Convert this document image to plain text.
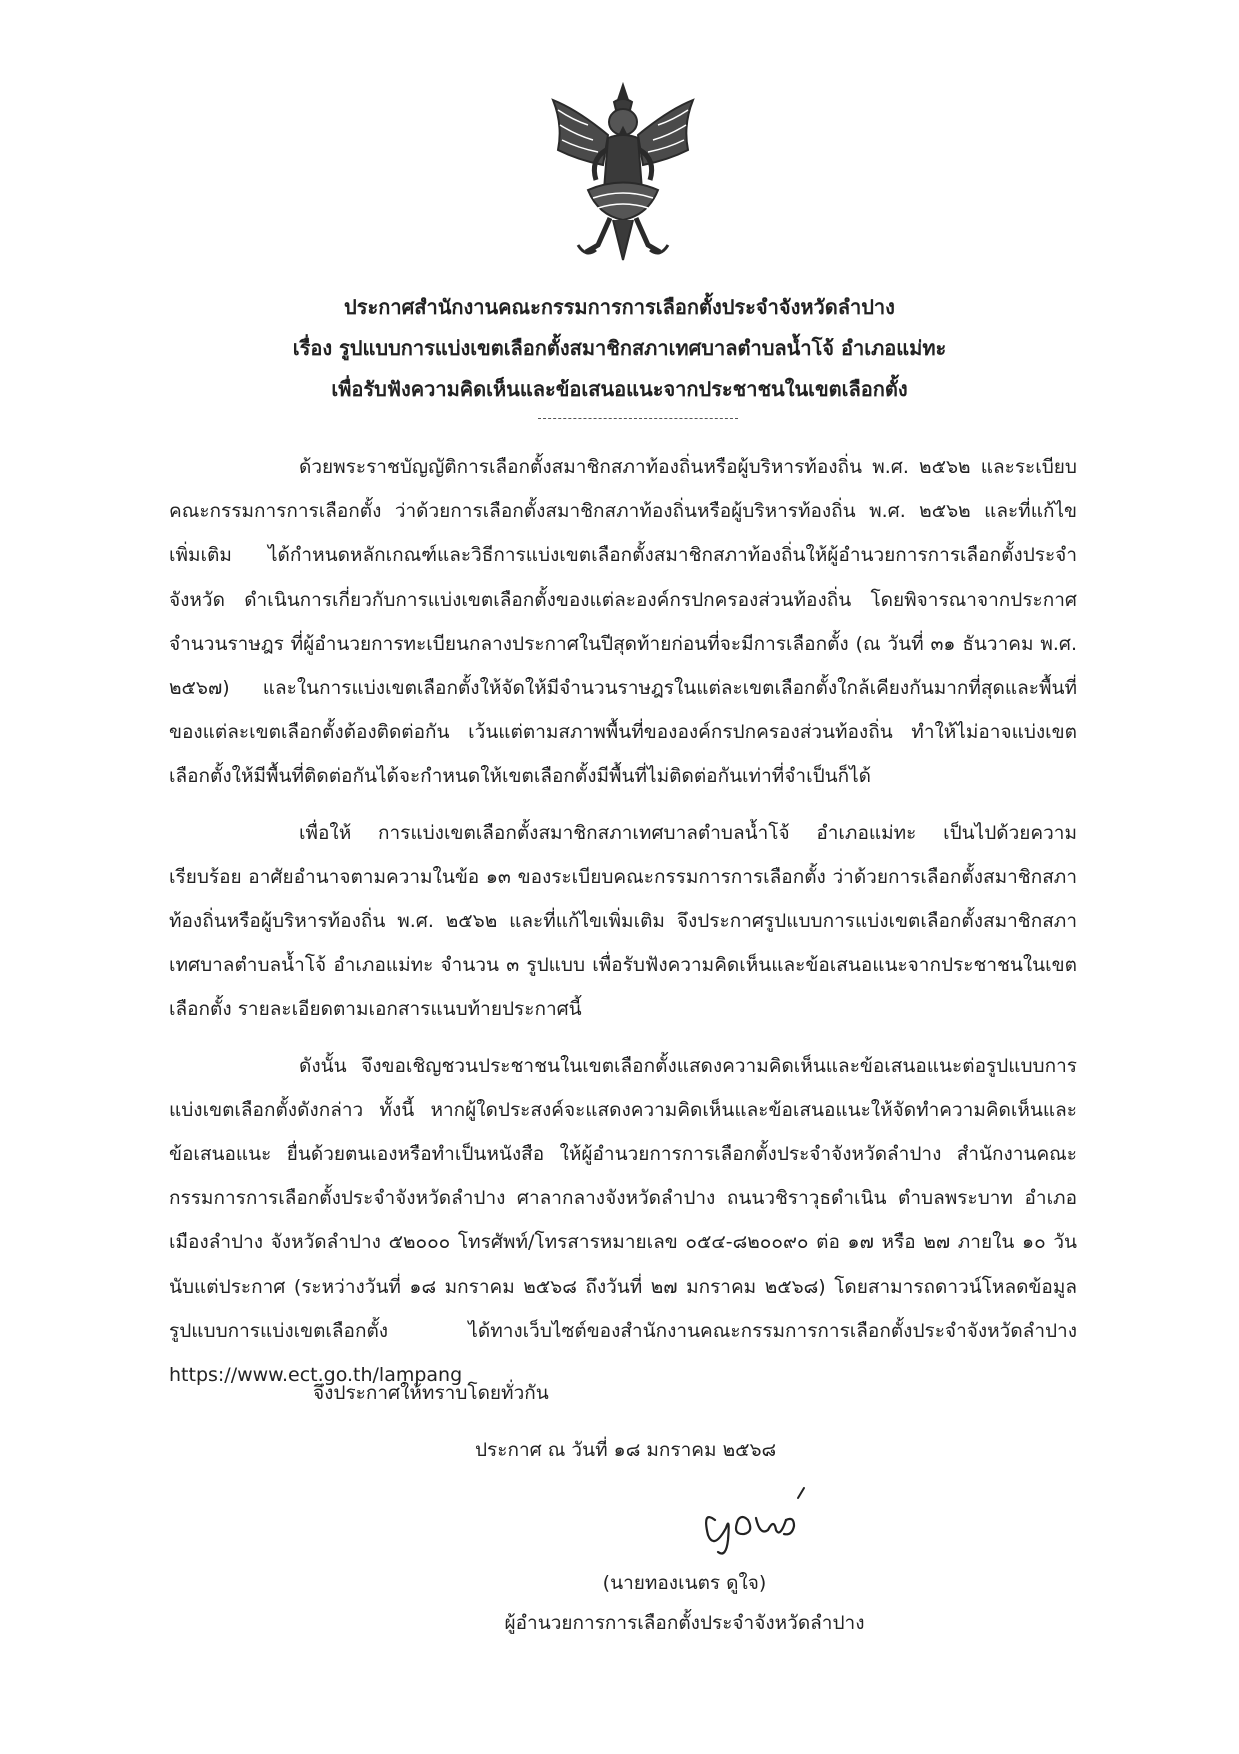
ประกาศสำนักงานคณะกรรมการการเลือกตั้งประจำจังหวัดลำปาง
เรื่อง รูปแบบการแบ่งเขตเลือกตั้งสมาชิกสภาเทศบาลตำบลน้ำโจ้ อำเภอแม่ทะ
เพื่อรับฟังความคิดเห็นและข้อเสนอแนะจากประชาชนในเขตเลือกตั้ง

ด้วยพระราชบัญญัติการเลือกตั้งสมาชิกสภาท้องถิ่นหรือผู้บริหารท้องถิ่น พ.ศ. ๒๕๖๒ และระเบียบคณะกรรมการการเลือกตั้ง ว่าด้วยการเลือกตั้งสมาชิกสภาท้องถิ่นหรือผู้บริหารท้องถิ่น พ.ศ. ๒๕๖๒ และที่แก้ไขเพิ่มเติม ได้กำหนดหลักเกณฑ์และวิธีการแบ่งเขตเลือกตั้งสมาชิกสภาท้องถิ่นให้ผู้อำนวยการการเลือกตั้งประจำจังหวัด ดำเนินการเกี่ยวกับการแบ่งเขตเลือกตั้งของแต่ละองค์กรปกครองส่วนท้องถิ่น โดยพิจารณาจากประกาศจำนวนราษฎร ที่ผู้อำนวยการทะเบียนกลางประกาศในปีสุดท้ายก่อนที่จะมีการเลือกตั้ง (ณ วันที่ ๓๑ ธันวาคม พ.ศ. ๒๕๖๗) และในการแบ่งเขตเลือกตั้งให้จัดให้มีจำนวนราษฎรในแต่ละเขตเลือกตั้งใกล้เคียงกันมากที่สุดและพื้นที่ของแต่ละเขตเลือกตั้งต้องติดต่อกัน เว้นแต่ตามสภาพพื้นที่ขององค์กรปกครองส่วนท้องถิ่น ทำให้ไม่อาจแบ่งเขตเลือกตั้งให้มีพื้นที่ติดต่อกันได้จะกำหนดให้เขตเลือกตั้งมีพื้นที่ไม่ติดต่อกันเท่าที่จำเป็นก็ได้

เพื่อให้ การแบ่งเขตเลือกตั้งสมาชิกสภาเทศบาลตำบลน้ำโจ้ อำเภอแม่ทะ เป็นไปด้วยความเรียบร้อย อาศัยอำนาจตามความในข้อ ๑๓ ของระเบียบคณะกรรมการการเลือกตั้ง ว่าด้วยการเลือกตั้งสมาชิกสภาท้องถิ่นหรือผู้บริหารท้องถิ่น พ.ศ. ๒๕๖๒ และที่แก้ไขเพิ่มเติม จึงประกาศรูปแบบการแบ่งเขตเลือกตั้งสมาชิกสภาเทศบาลตำบลน้ำโจ้ อำเภอแม่ทะ จำนวน ๓ รูปแบบ เพื่อรับฟังความคิดเห็นและข้อเสนอแนะจากประชาชนในเขตเลือกตั้ง รายละเอียดตามเอกสารแนบท้ายประกาศนี้

ดังนั้น จึงขอเชิญชวนประชาชนในเขตเลือกตั้งแสดงความคิดเห็นและข้อเสนอแนะต่อรูปแบบการแบ่งเขตเลือกตั้งดังกล่าว ทั้งนี้ หากผู้ใดประสงค์จะแสดงความคิดเห็นและข้อเสนอแนะให้จัดทำความคิดเห็นและข้อเสนอแนะ ยื่นด้วยตนเองหรือทำเป็นหนังสือ ให้ผู้อำนวยการการเลือกตั้งประจำจังหวัดลำปาง สำนักงานคณะกรรมการการเลือกตั้งประจำจังหวัดลำปาง ศาลากลางจังหวัดลำปาง ถนนวชิราวุธดำเนิน ตำบลพระบาท อำเภอเมืองลำปาง จังหวัดลำปาง ๕๒๐๐๐ โทรศัพท์/โทรสารหมายเลข ๐๕๔-๘๒๐๐๙๐ ต่อ ๑๗ หรือ ๒๗ ภายใน ๑๐ วันนับแต่ประกาศ (ระหว่างวันที่ ๑๘ มกราคม ๒๕๖๘ ถึงวันที่ ๒๗ มกราคม ๒๕๖๘) โดยสามารถดาวน์โหลดข้อมูลรูปแบบการแบ่งเขตเลือกตั้ง ได้ทางเว็บไซต์ของสำนักงานคณะกรรมการการเลือกตั้งประจำจังหวัดลำปาง https://www.ect.go.th/lampang

จึงประกาศให้ทราบโดยทั่วกัน
ประกาศ ณ วันที่ ๑๘ มกราคม ๒๕๖๘
(นายทองเนตร ดูใจ)
ผู้อำนวยการการเลือกตั้งประจำจังหวัดลำปาง
